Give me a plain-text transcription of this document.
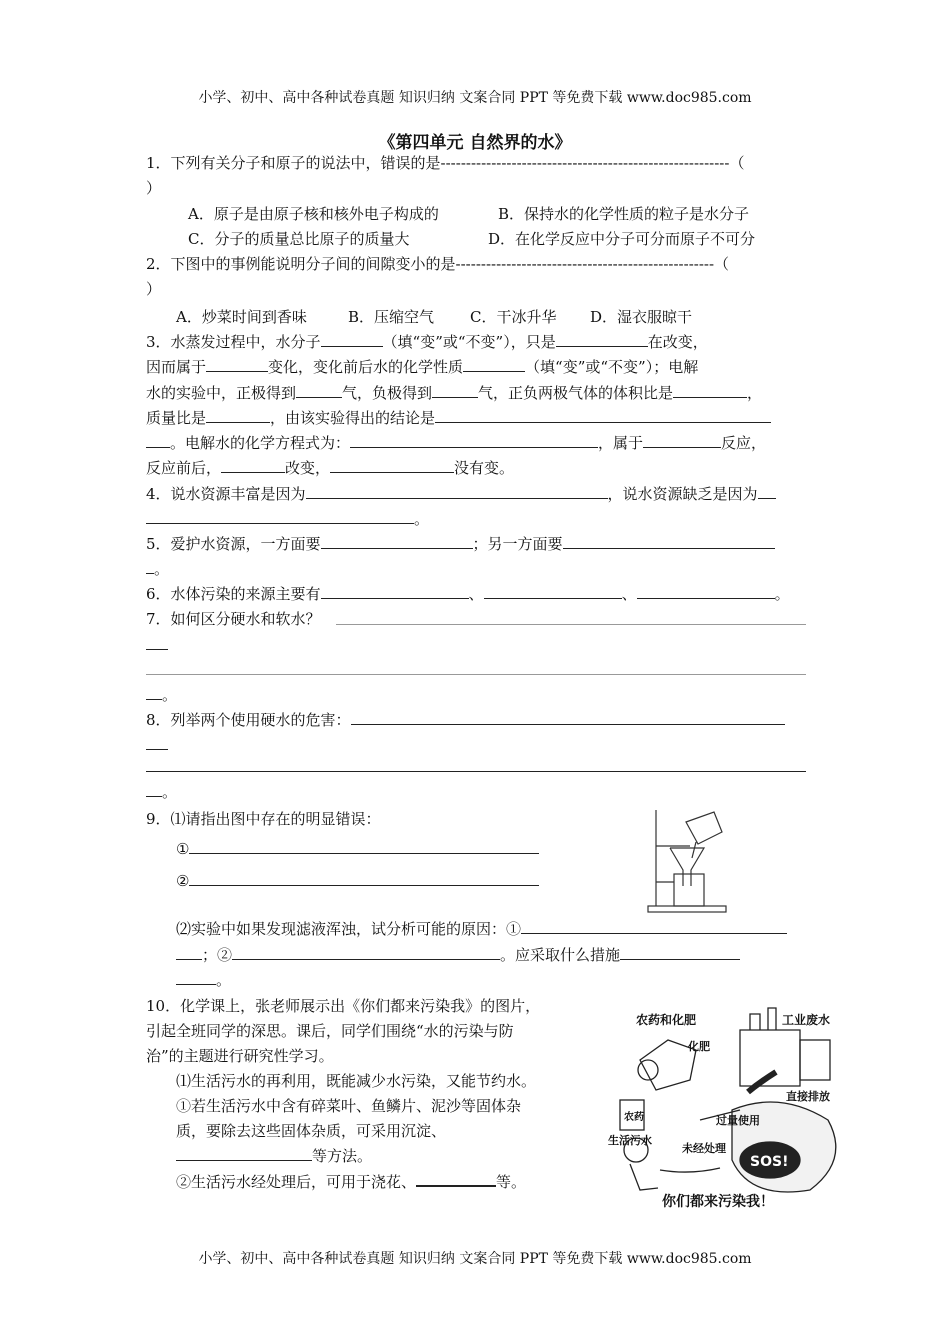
小学、初中、高中各种试卷真题 知识归纳 文案合同 PPT 等免费下载 www.doc985.com
《第四单元 自然界的水》
1．下列有关分子和原子的说法中，错误的是---------------------------------------------------------（
）
A．原子是由原子核和核外电子构成的	B．保持水的化学性质的粒子是水分子
C．分子的质量总比原子的质量大	D．在化学反应中分子可分而原子不可分
2．下图中的事例能说明分子间的间隙变小的是---------------------------------------------------（
）
A．炒菜时间到香味	B．压缩空气 C．干冰升华 D．湿衣服晾干
3．水蒸发过程中，水分子	（填“变”或“不变”），只是	在改变，
因而属于	变化，变化前后水的化学性质	（填“变”或“不变”）；电解
水的实验中，正极得到	气，负极得到	气，正负两极气体的体积比是	，
质量比是	，由该实验得出的结论是
。电解水的化学方程式为：	，属于	反应，
反应前后，	改变，	没有变。
4．说水资源丰富是因为	，说水资源缺乏是因为
。
5．爱护水资源，一方面要	；另一方面要
。
6．水体污染的来源主要有	、	、	。
7．如何区分硬水和软水？
。
8．列举两个使用硬水的危害：
。
9．⑴请指出图中存在的明显错误：
①
②
⑵实验中如果发现滤液浑浊，试分析可能的原因：①
；②	。应采取什么措施
。
10．化学课上，张老师展示出《你们都来污染我》的图片，
引起全班同学的深思。课后，同学们围绕“水的污染与防
治”的主题进行研究性学习。
⑴生活污水的再利用，既能减少水污染，又能节约水。
①若生活污水中含有碎菜叶、鱼鳞片、泥沙等固体杂
质，要除去这些固体杂质，可采用沉淀、
等方法。
②生活污水经处理后，可用于浇花、	等。
农药和化肥	工业废水
化肥
农药
直接排放
过量使用
生活污水
未经处理
SOS!
你们都来污染我！
小学、初中、高中各种试卷真题 知识归纳 文案合同 PPT 等免费下载 www.doc985.com
